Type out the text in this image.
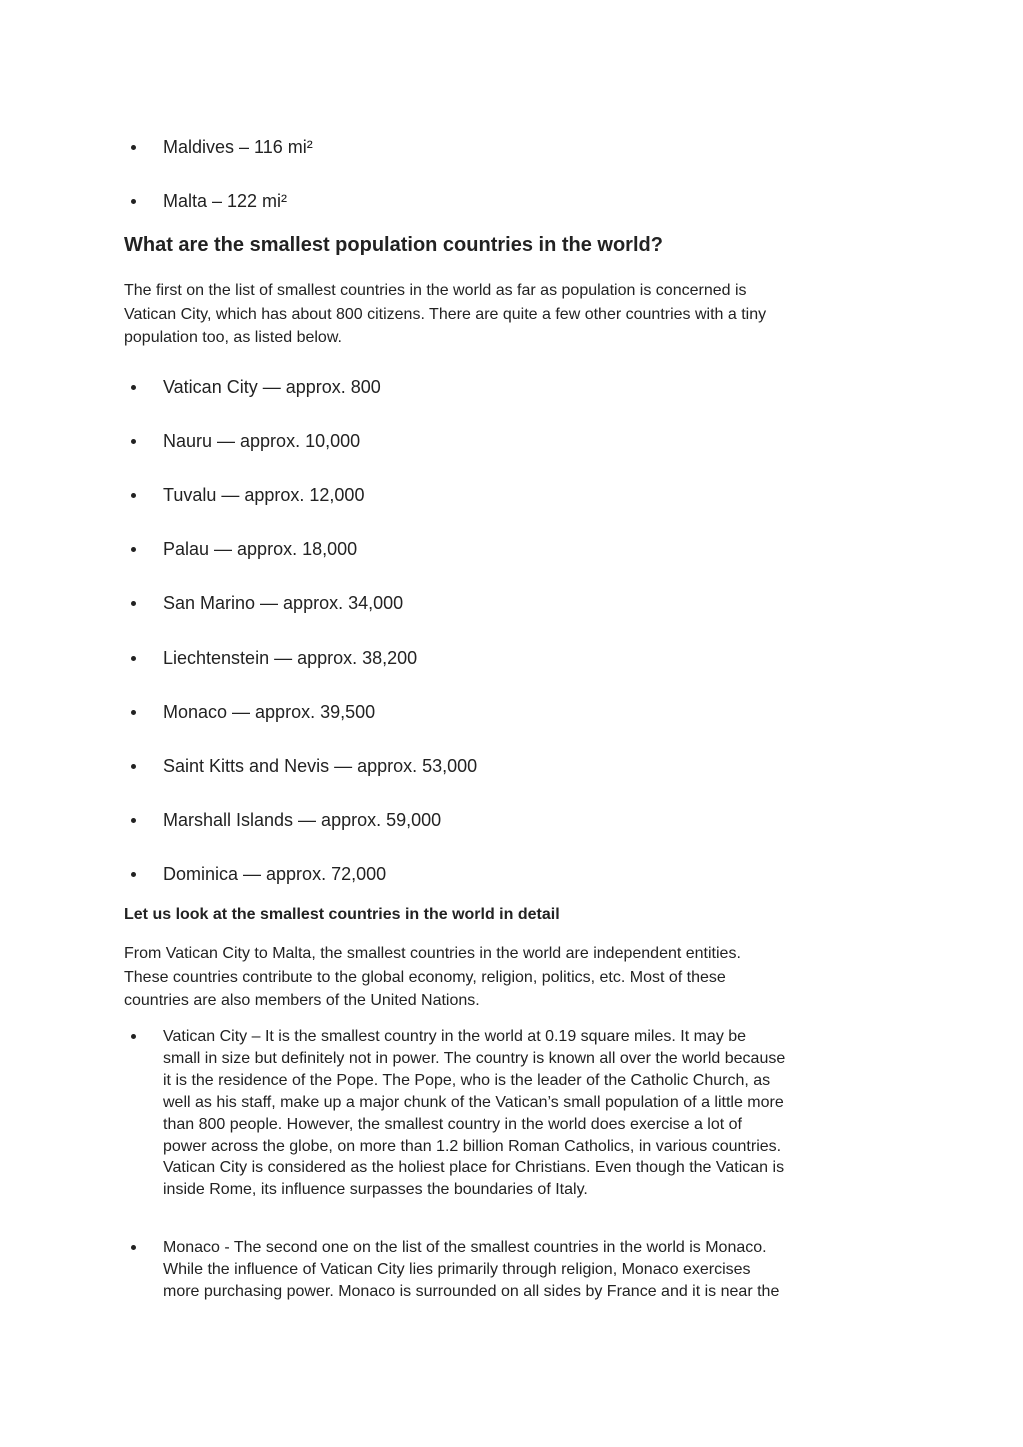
Maldives – 116 mi²
Malta – 122 mi²
What are the smallest population countries in the world?

The first on the list of smallest countries in the world as far as population is concerned is
Vatican City, which has about 800 citizens. There are quite a few other countries with a tiny
population too, as listed below.

Vatican City — approx. 800
Nauru — approx. 10,000
Tuvalu — approx. 12,000
Palau — approx. 18,000
San Marino — approx. 34,000
Liechtenstein — approx. 38,200
Monaco — approx. 39,500
Saint Kitts and Nevis — approx. 53,000
Marshall Islands — approx. 59,000
Dominica — approx. 72,000
Let us look at the smallest countries in the world in detail

From Vatican City to Malta, the smallest countries in the world are independent entities.
These countries contribute to the global economy, religion, politics, etc. Most of these
countries are also members of the United Nations.

Vatican City – It is the smallest country in the world at 0.19 square miles. It may be
small in size but definitely not in power. The country is known all over the world because
it is the residence of the Pope. The Pope, who is the leader of the Catholic Church, as
well as his staff, make up a major chunk of the Vatican’s small population of a little more
than 800 people. However, the smallest country in the world does exercise a lot of
power across the globe, on more than 1.2 billion Roman Catholics, in various countries.
Vatican City is considered as the holiest place for Christians. Even though the Vatican is
inside Rome, its influence surpasses the boundaries of Italy.
Monaco - The second one on the list of the smallest countries in the world is Monaco.
While the influence of Vatican City lies primarily through religion, Monaco exercises
more purchasing power. Monaco is surrounded on all sides by France and it is near the
